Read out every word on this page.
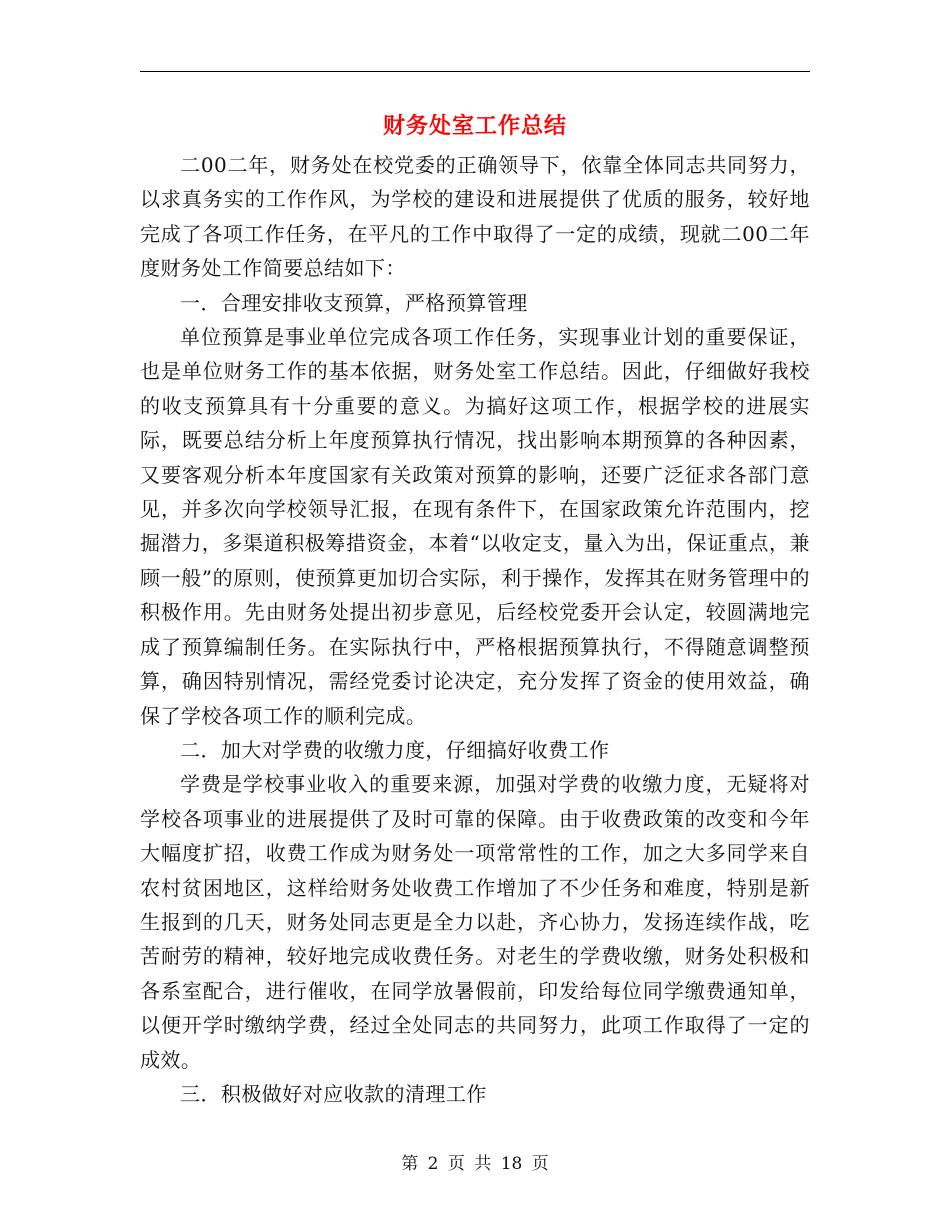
财务处室工作总结

二00二年，财务处在校党委的正确领导下，依靠全体同志共同努力，以求真务实的工作作风，为学校的建设和进展提供了优质的服务，较好地完成了各项工作任务，在平凡的工作中取得了一定的成绩，现就二00二年度财务处工作简要总结如下：

一．合理安排收支预算，严格预算管理

单位预算是事业单位完成各项工作任务，实现事业计划的重要保证，也是单位财务工作的基本依据，财务处室工作总结。因此，仔细做好我校的收支预算具有十分重要的意义。为搞好这项工作，根据学校的进展实际，既要总结分析上年度预算执行情况，找出影响本期预算的各种因素，又要客观分析本年度国家有关政策对预算的影响，还要广泛征求各部门意见，并多次向学校领导汇报，在现有条件下，在国家政策允许范围内，挖掘潜力，多渠道积极筹措资金，本着“以收定支，量入为出，保证重点，兼顾一般”的原则，使预算更加切合实际，利于操作，发挥其在财务管理中的积极作用。先由财务处提出初步意见，后经校党委开会认定，较圆满地完成了预算编制任务。在实际执行中，严格根据预算执行，不得随意调整预算，确因特别情况，需经党委讨论决定，充分发挥了资金的使用效益，确保了学校各项工作的顺利完成。

二．加大对学费的收缴力度，仔细搞好收费工作

学费是学校事业收入的重要来源，加强对学费的收缴力度，无疑将对学校各项事业的进展提供了及时可靠的保障。由于收费政策的改变和今年大幅度扩招，收费工作成为财务处一项常常性的工作，加之大多同学来自农村贫困地区，这样给财务处收费工作增加了不少任务和难度，特别是新生报到的几天，财务处同志更是全力以赴，齐心协力，发扬连续作战，吃苦耐劳的精神，较好地完成收费任务。对老生的学费收缴，财务处积极和各系室配合，进行催收，在同学放暑假前，印发给每位同学缴费通知单，以便开学时缴纳学费，经过全处同志的共同努力，此项工作取得了一定的成效。

三．积极做好对应收款的清理工作

第 2 页 共 18 页
